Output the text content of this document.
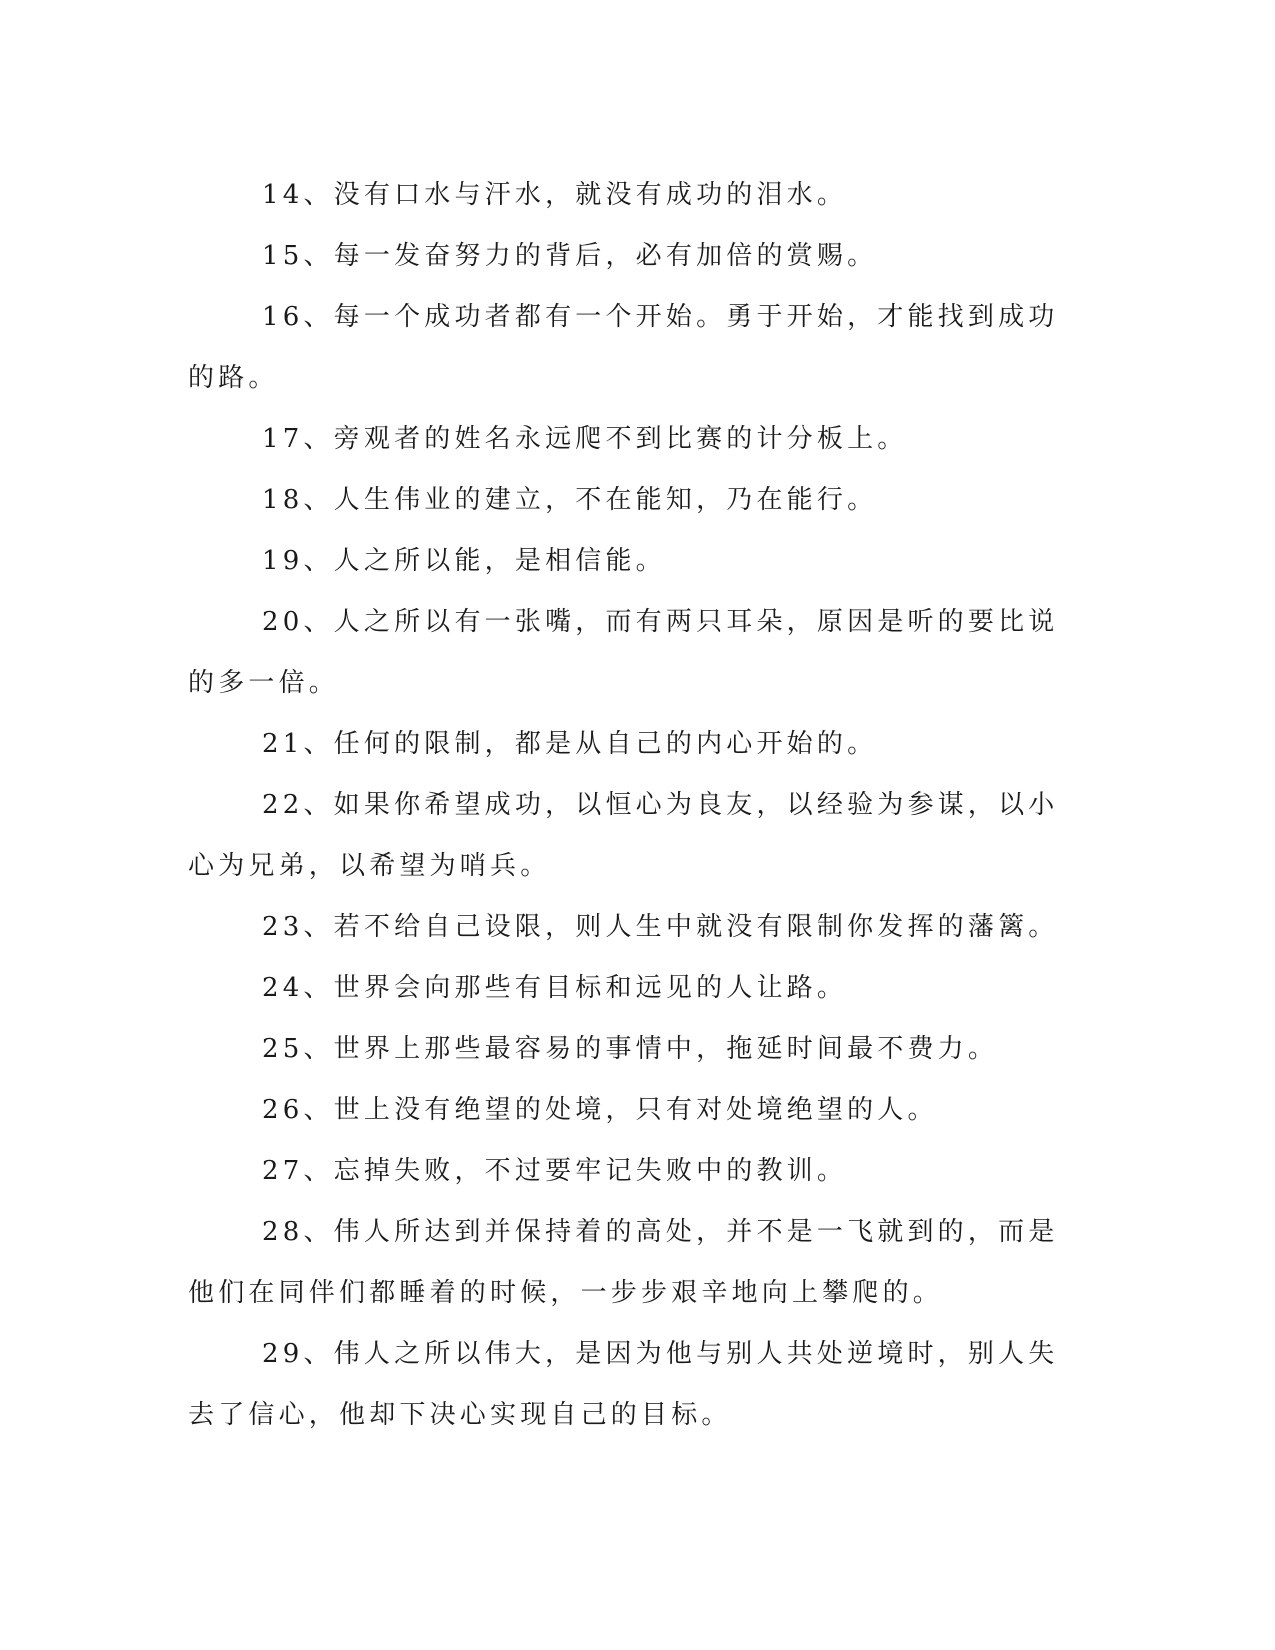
14、没有口水与汗水，就没有成功的泪水。

15、每一发奋努力的背后，必有加倍的赏赐。

16、每一个成功者都有一个开始。勇于开始，才能找到成功的路。

17、旁观者的姓名永远爬不到比赛的计分板上。

18、人生伟业的建立，不在能知，乃在能行。

19、人之所以能，是相信能。

20、人之所以有一张嘴，而有两只耳朵，原因是听的要比说的多一倍。

21、任何的限制，都是从自己的内心开始的。

22、如果你希望成功，以恒心为良友，以经验为参谋，以小心为兄弟，以希望为哨兵。

23、若不给自己设限，则人生中就没有限制你发挥的藩篱。

24、世界会向那些有目标和远见的人让路。

25、世界上那些最容易的事情中，拖延时间最不费力。

26、世上没有绝望的处境，只有对处境绝望的人。

27、忘掉失败，不过要牢记失败中的教训。

28、伟人所达到并保持着的高处，并不是一飞就到的，而是他们在同伴们都睡着的时候，一步步艰辛地向上攀爬的。

29、伟人之所以伟大，是因为他与别人共处逆境时，别人失去了信心，他却下决心实现自己的目标。
